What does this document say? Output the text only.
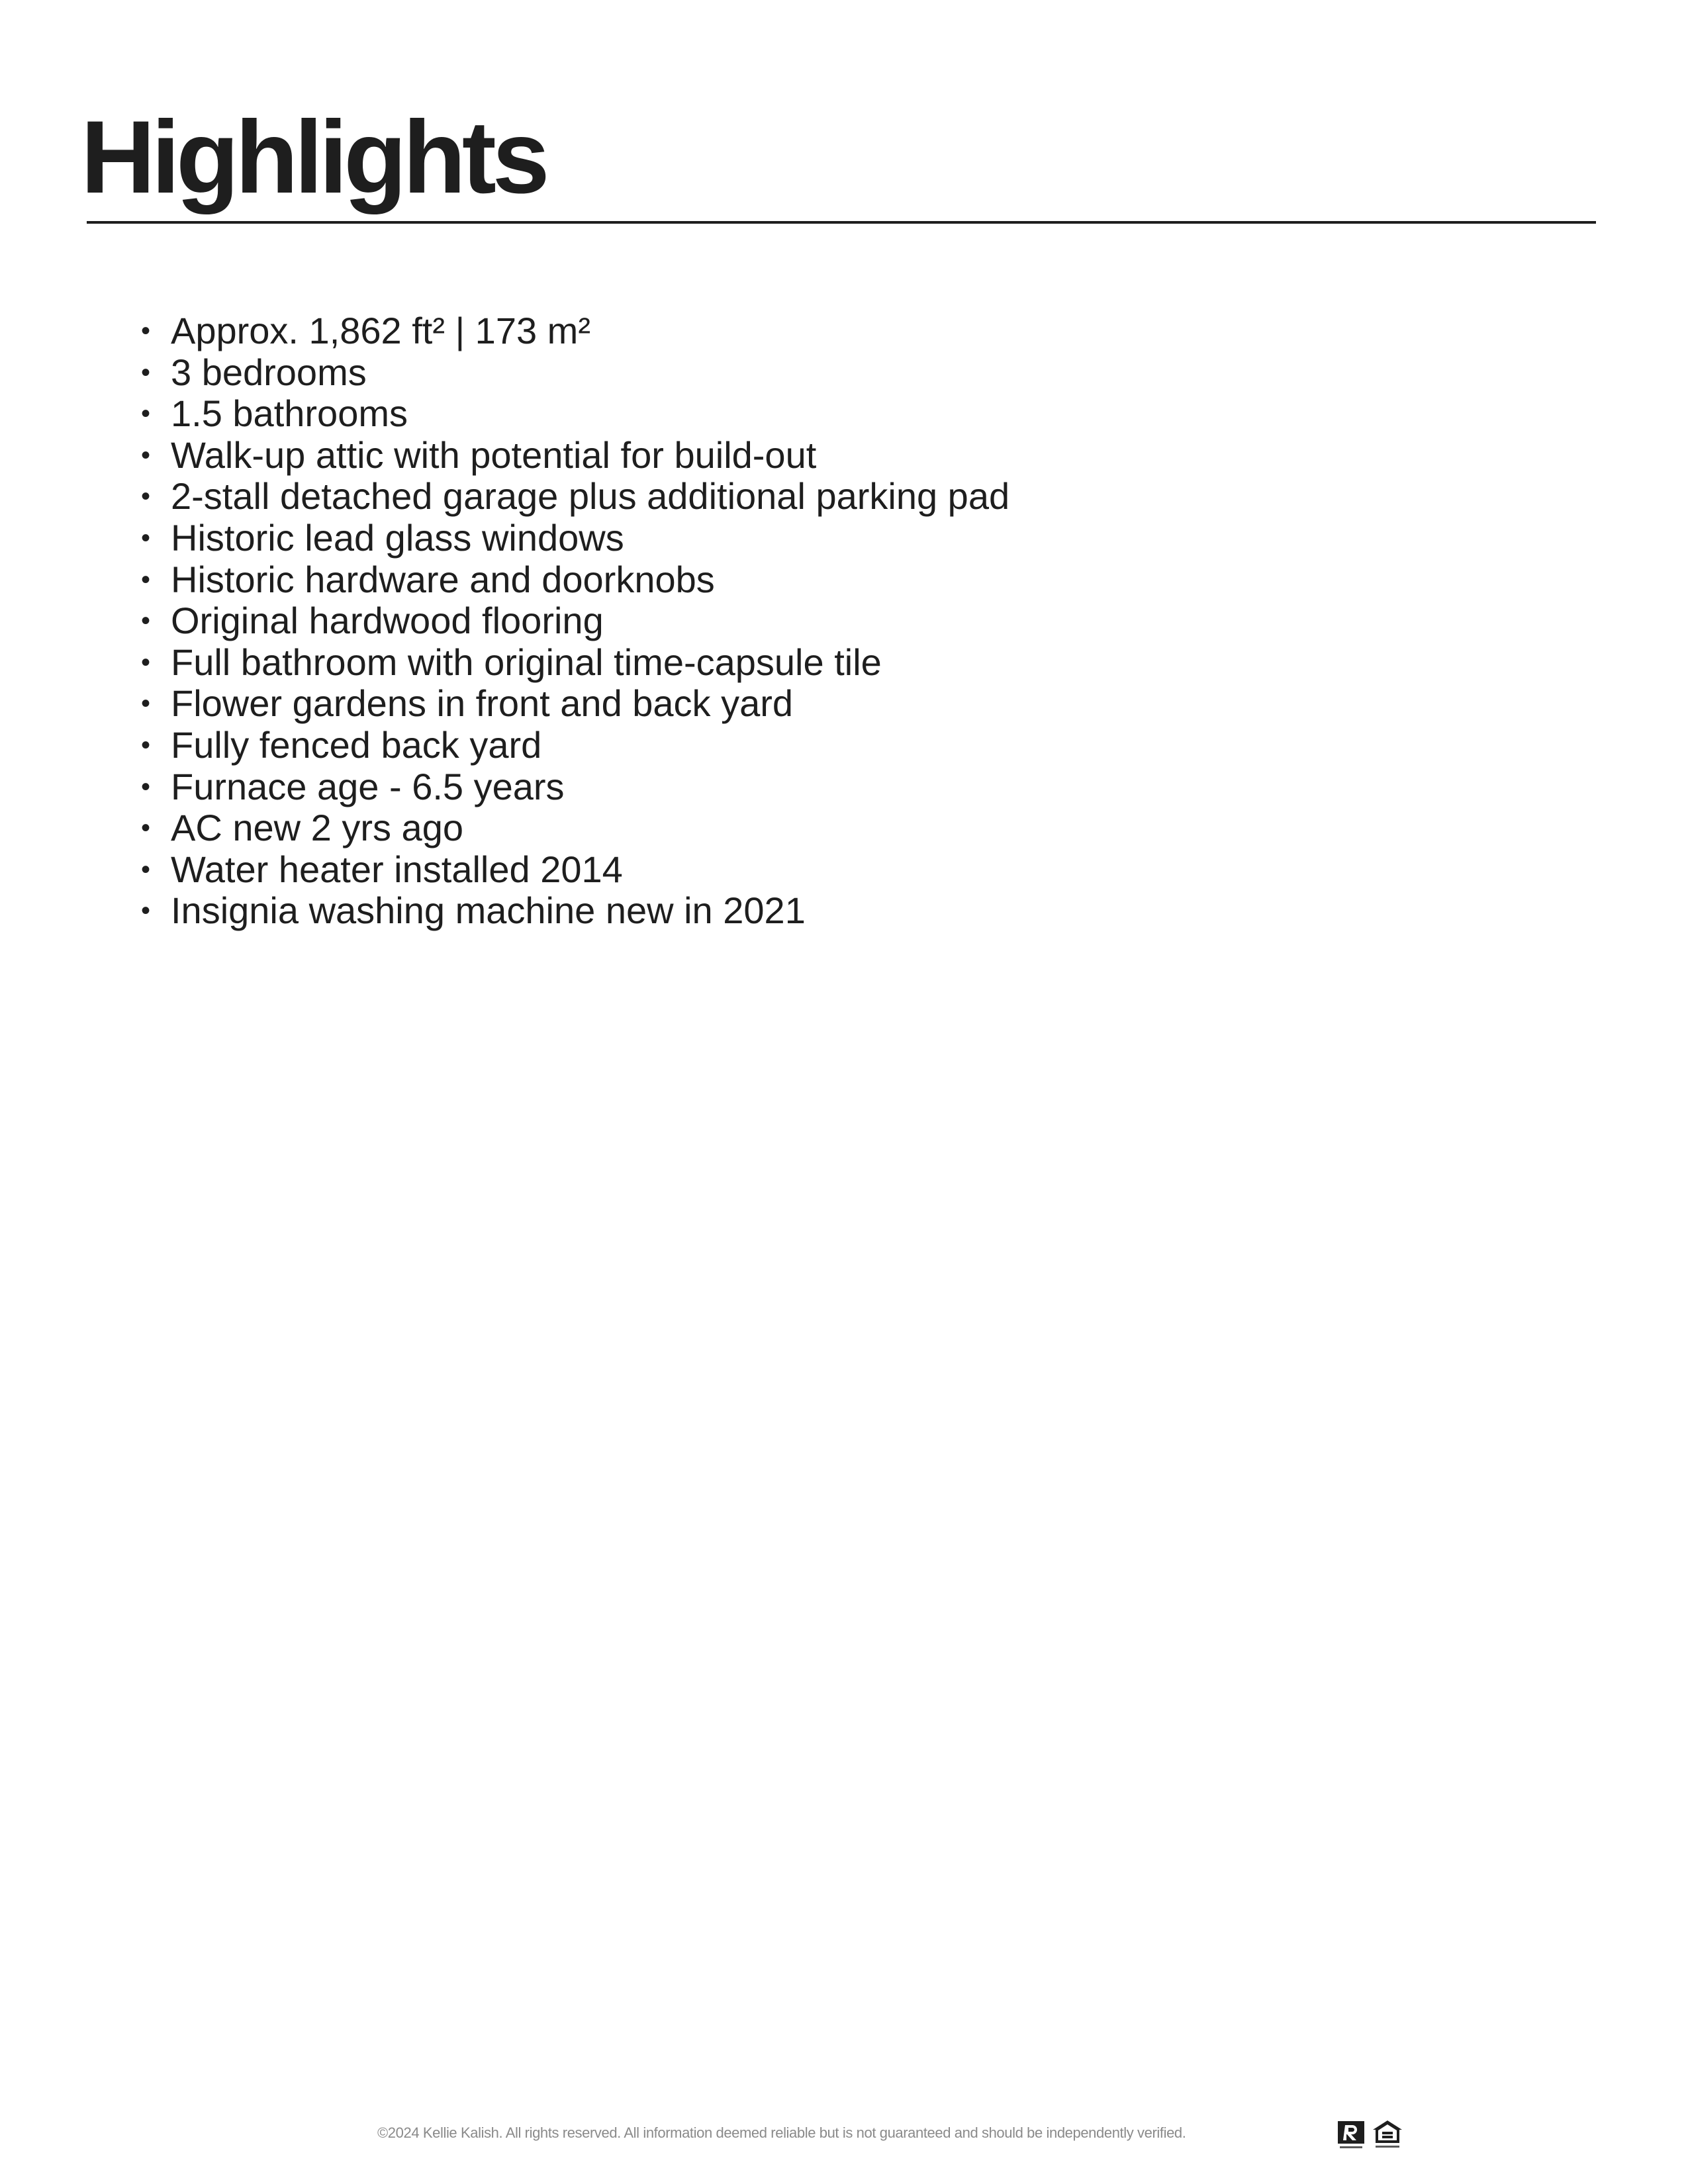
Highlights
• Approx. 1,862 ft² | 173 m²
• 3 bedrooms
• 1.5 bathrooms
• Walk-up attic with potential for build-out
• 2-stall detached garage plus additional parking pad
• Historic lead glass windows
• Historic hardware and doorknobs
• Original hardwood flooring
• Full bathroom with original time-capsule tile
• Flower gardens in front and back yard
• Fully fenced back yard
• Furnace age - 6.5 years
• AC new 2 yrs ago
• Water heater installed 2014
• Insignia washing machine new in 2021
©2024 Kellie Kalish. All rights reserved. All information deemed reliable but is not guaranteed and should be independently verified.
